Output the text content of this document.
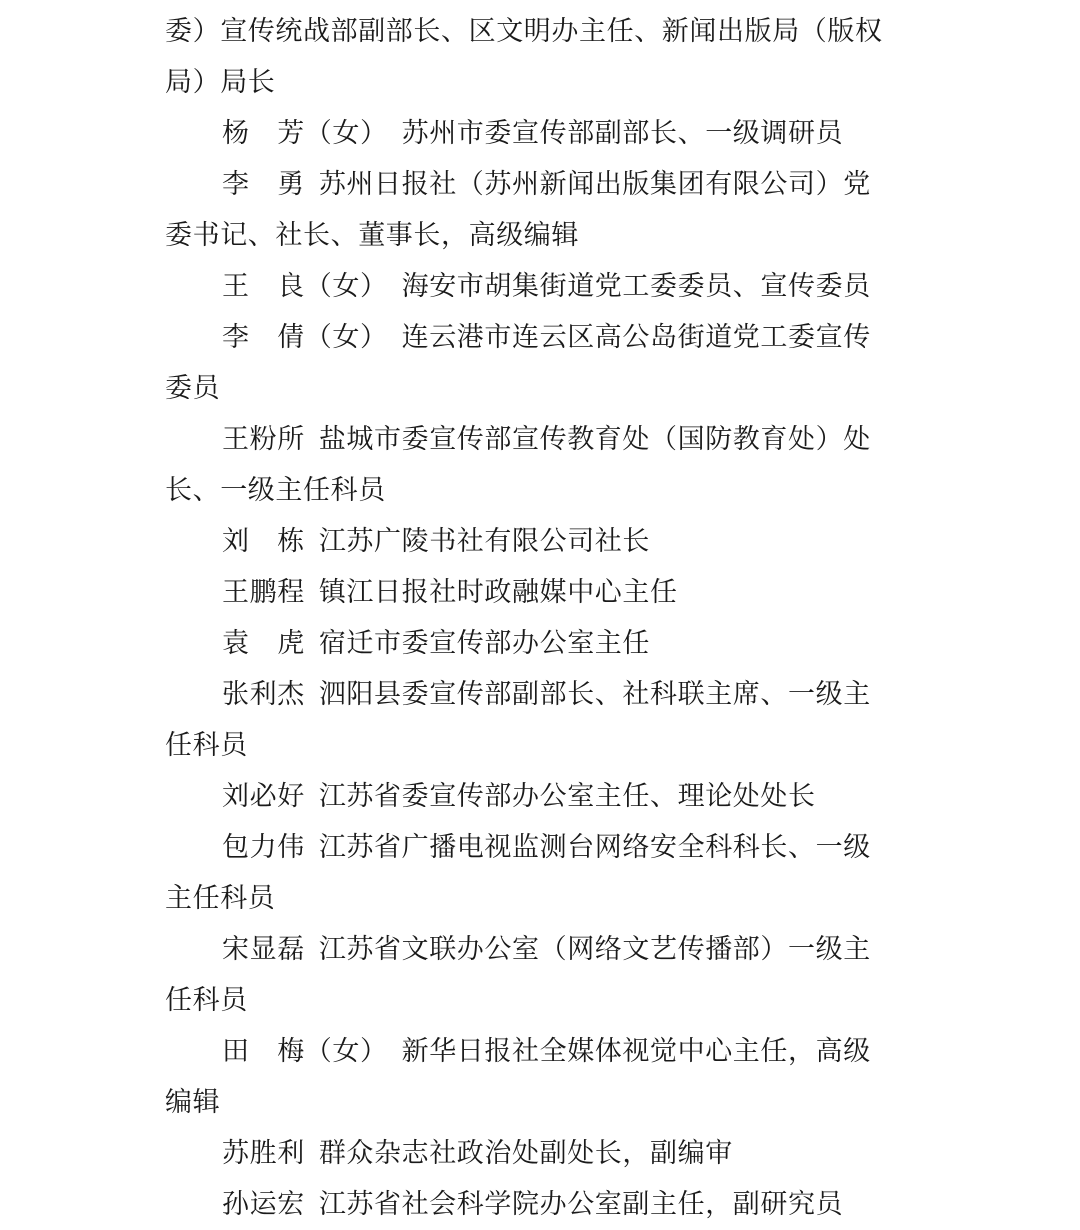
委）宣传统战部副部长、区文明办主任、新闻出版局（版权
局）局长
杨　芳（女） 苏州市委宣传部副部长、一级调研员
李　勇 苏州日报社（苏州新闻出版集团有限公司）党
委书记、社长、董事长，高级编辑
王　良（女） 海安市胡集街道党工委委员、宣传委员
李　倩（女） 连云港市连云区高公岛街道党工委宣传
委员
王粉所 盐城市委宣传部宣传教育处（国防教育处）处
长、一级主任科员
刘　栋 江苏广陵书社有限公司社长
王鹏程 镇江日报社时政融媒中心主任
袁　虎 宿迁市委宣传部办公室主任
张利杰 泗阳县委宣传部副部长、社科联主席、一级主
任科员
刘必好 江苏省委宣传部办公室主任、理论处处长
包力伟 江苏省广播电视监测台网络安全科科长、一级
主任科员
宋显磊 江苏省文联办公室（网络文艺传播部）一级主
任科员
田　梅（女） 新华日报社全媒体视觉中心主任，高级
编辑
苏胜利 群众杂志社政治处副处长，副编审
孙运宏 江苏省社会科学院办公室副主任，副研究员
